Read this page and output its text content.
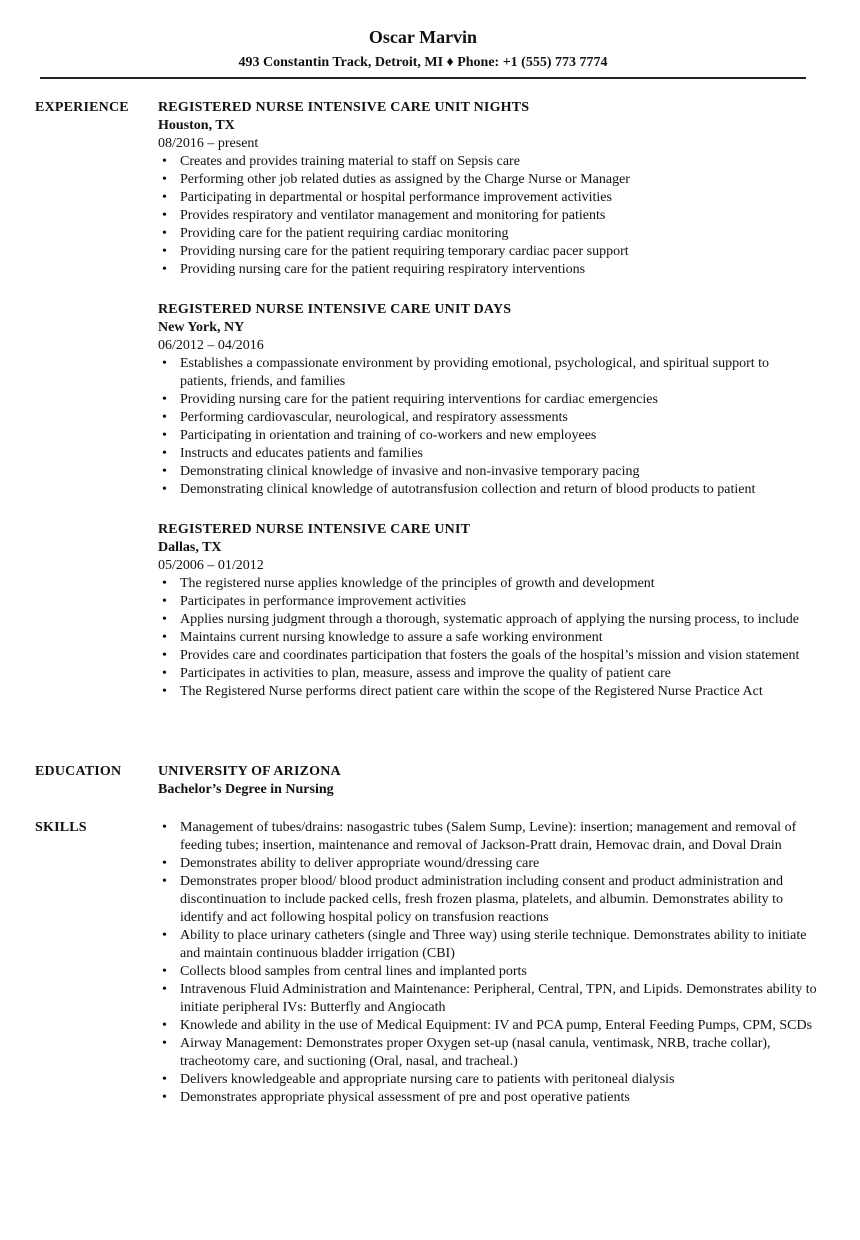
Oscar Marvin
493 Constantin Track, Detroit, MI ♦ Phone: +1 (555) 773 7774
EXPERIENCE REGISTERED NURSE INTENSIVE CARE UNIT NIGHTS
Houston, TX
08/2016 – present
• Creates and provides training material to staff on Sepsis care
• Performing other job related duties as assigned by the Charge Nurse or Manager
• Participating in departmental or hospital performance improvement activities
• Provides respiratory and ventilator management and monitoring for patients
• Providing care for the patient requiring cardiac monitoring
• Providing nursing care for the patient requiring temporary cardiac pacer support
• Providing nursing care for the patient requiring respiratory interventions
REGISTERED NURSE INTENSIVE CARE UNIT DAYS
New York, NY
06/2012 – 04/2016
• Establishes a compassionate environment by providing emotional, psychological, and spiritual support to patients, friends, and families
• Providing nursing care for the patient requiring interventions for cardiac emergencies
• Performing cardiovascular, neurological, and respiratory assessments
• Participating in orientation and training of co-workers and new employees
• Instructs and educates patients and families
• Demonstrating clinical knowledge of invasive and non-invasive temporary pacing
• Demonstrating clinical knowledge of autotransfusion collection and return of blood products to patient
REGISTERED NURSE INTENSIVE CARE UNIT
Dallas, TX
05/2006 – 01/2012
• The registered nurse applies knowledge of the principles of growth and development
• Participates in performance improvement activities
• Applies nursing judgment through a thorough, systematic approach of applying the nursing process, to include
• Maintains current nursing knowledge to assure a safe working environment
• Provides care and coordinates participation that fosters the goals of the hospital’s mission and vision statement
• Participates in activities to plan, measure, assess and improve the quality of patient care
• The Registered Nurse performs direct patient care within the scope of the Registered Nurse Practice Act
EDUCATION	UNIVERSITY OF ARIZONA
Bachelor’s Degree in Nursing
SKILLS
•	Management of tubes/drains: nasogastric tubes (Salem Sump, Levine): insertion; management and removal of feeding tubes; insertion, maintenance and removal of Jackson-Pratt drain, Hemovac drain, and Doval Drain
• Demonstrates ability to deliver appropriate wound/dressing care
• Demonstrates proper blood/ blood product administration including consent and product administration and discontinuation to include packed cells, fresh frozen plasma, platelets, and albumin. Demonstrates ability to identify and act following hospital policy on transfusion reactions
• Ability to place urinary catheters (single and Three way) using sterile technique. Demonstrates ability to initiate and maintain continuous bladder irrigation (CBI)
• Collects blood samples from central lines and implanted ports
• Intravenous Fluid Administration and Maintenance: Peripheral, Central, TPN, and Lipids. Demonstrates ability to initiate peripheral IVs: Butterfly and Angiocath
• Knowlede and ability in the use of Medical Equipment: IV and PCA pump, Enteral Feeding Pumps, CPM, SCDs
• Airway Management: Demonstrates proper Oxygen set-up (nasal canula, ventimask, NRB, trache collar), tracheotomy care, and suctioning (Oral, nasal, and tracheal.)
• Delivers knowledgeable and appropriate nursing care to patients with peritoneal dialysis
• Demonstrates appropriate physical assessment of pre and post operative patients
